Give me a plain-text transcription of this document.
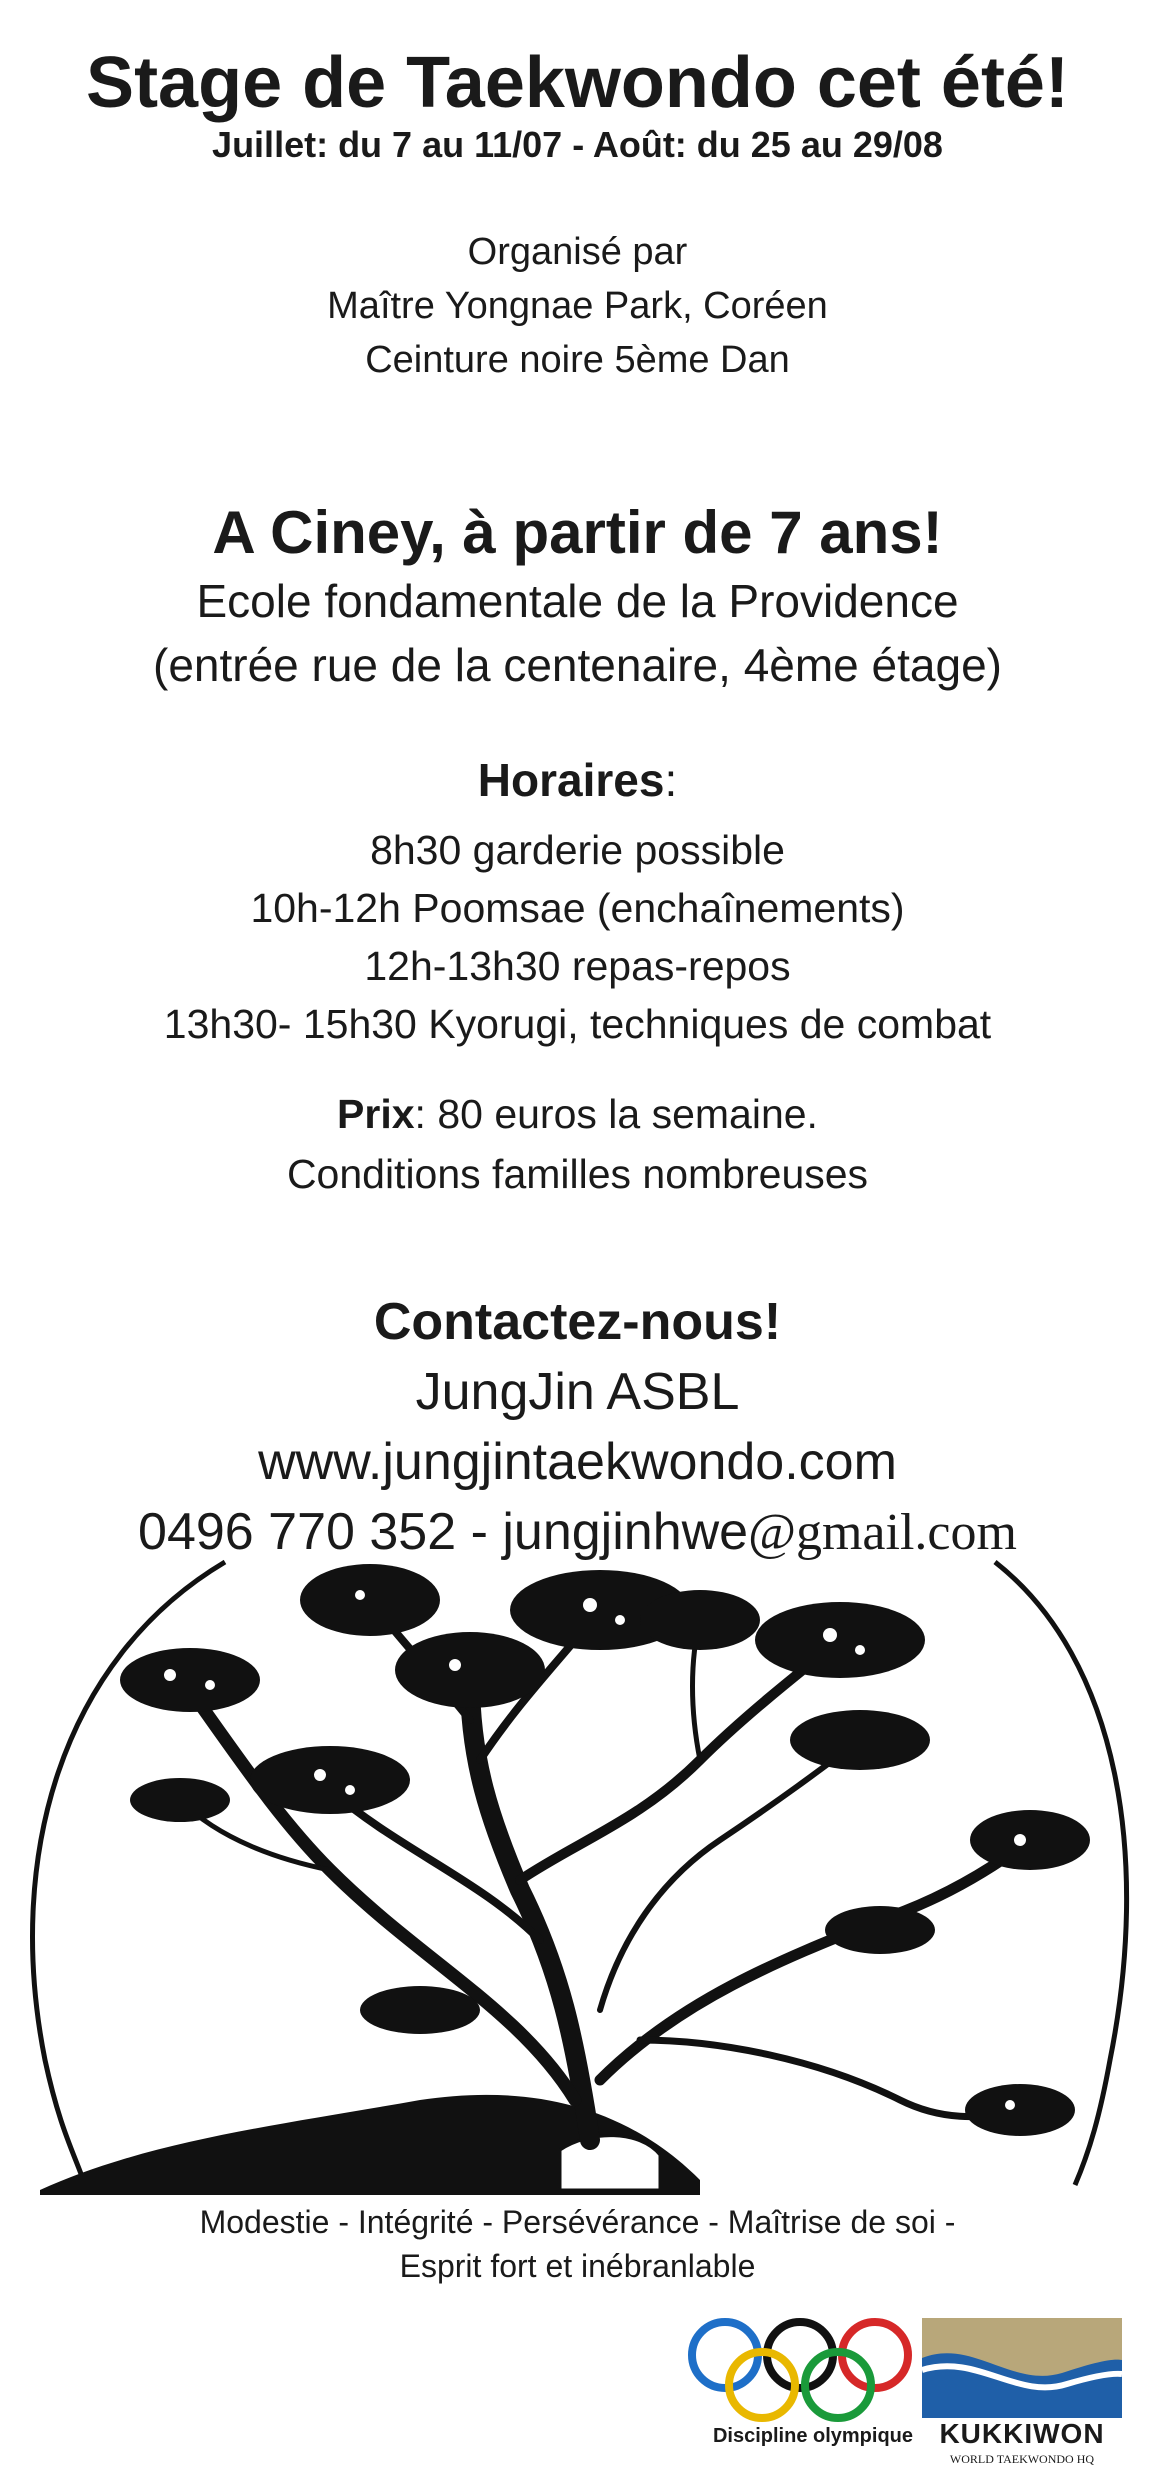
Stage de Taekwondo cet été!
Juillet: du 7 au 11/07 - Août: du 25 au 29/08
Organisé par
Maître Yongnae Park, Coréen
Ceinture noire 5ème Dan
A Ciney, à partir de 7 ans!
Ecole fondamentale de la Providence
(entrée rue de la centenaire, 4ème étage)
Horaires:
8h30 garderie possible
10h-12h Poomsae (enchaînements)
12h-13h30 repas-repos
13h30- 15h30 Kyorugi, techniques de combat
Prix: 80 euros la semaine.
Conditions familles nombreuses
Contactez-nous!
JungJin ASBL
www.jungjintaekwondo.com
0496 770 352 - jungjinhwe@gmail.com
Modestie - Intégrité - Persévérance - Maîtrise de soi -
Esprit fort et inébranlable
Discipline olympique KUKKIWON
WORLD TAEKWONDO HQ
